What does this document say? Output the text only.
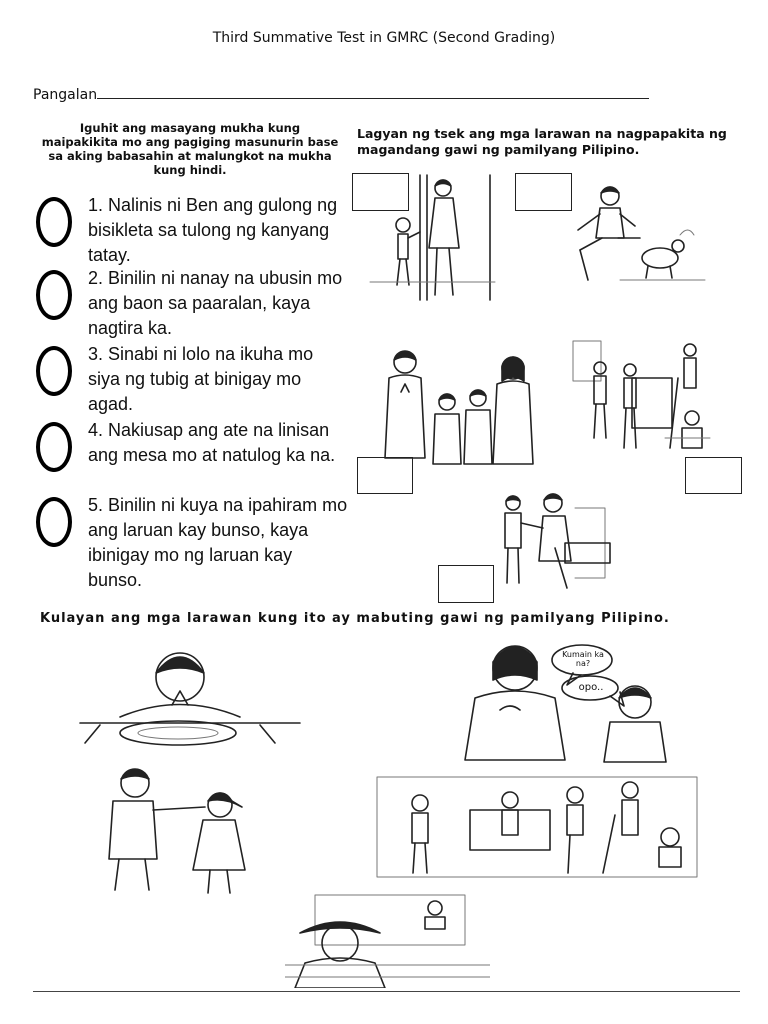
Third Summative Test in GMRC (Second Grading)
Pangalan
Iguhit ang masayang mukha kung maipakikita mo ang pagiging masunurin base sa aking babasahin at malungkot na mukha kung hindi.
1. Nalinis ni Ben ang gulong ng bisikleta sa tulong ng kanyang tatay.
2. Binilin ni nanay na ubusin mo ang baon sa paaralan, kaya nagtira ka.
3. Sinabi ni lolo na ikuha mo siya ng tubig at binigay mo agad.
4. Nakiusap ang ate na linisan ang mesa mo at natulog ka na.
5. Binilin ni kuya na ipahiram mo ang laruan kay bunso, kaya ibinigay mo ng laruan kay bunso.
Lagyan ng tsek ang mga larawan na nagpapakita ng magandang gawi ng pamilyang Pilipino.
Kulayan ang mga larawan kung ito ay mabuting gawi ng pamilyang Pilipino.
Kumain ka na?
opo..
